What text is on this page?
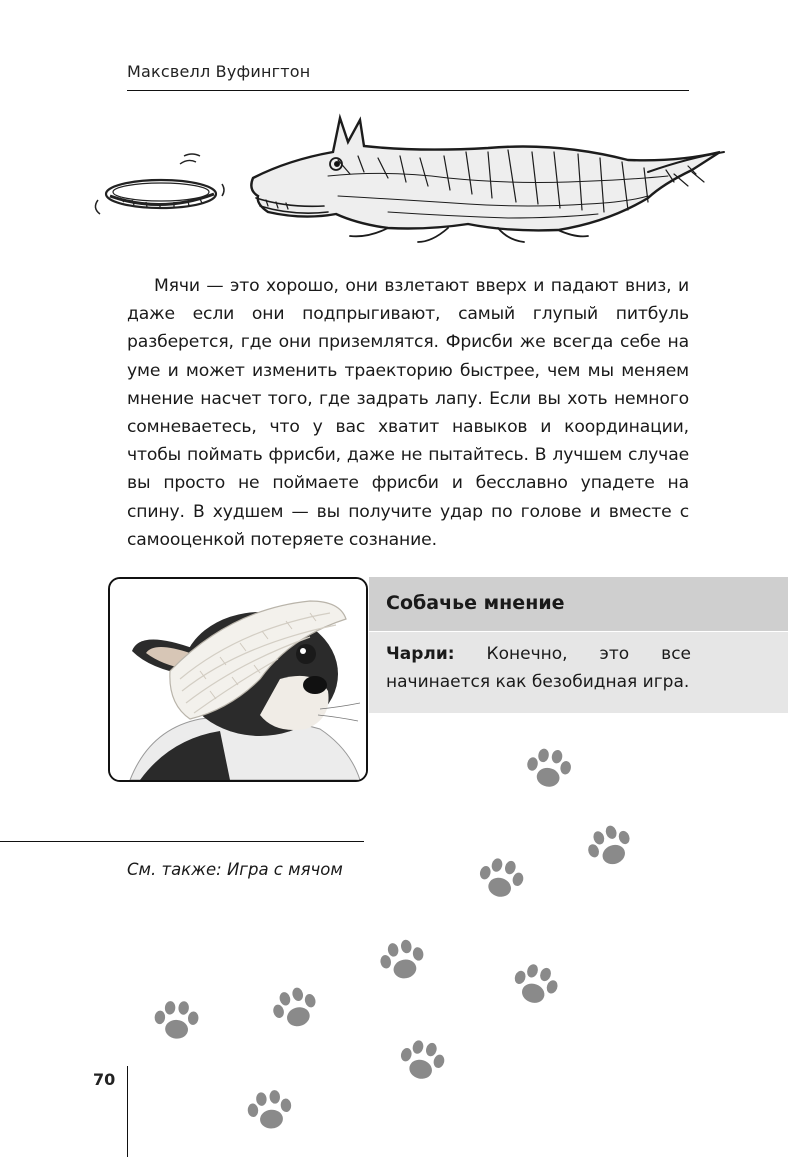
Максвелл Вуфингтон

Мячи — это хорошо, они взлетают вверх и падают вниз, и даже если они подпрыгивают, самый глупый питбуль разберется, где они приземлятся. Фрисби же всегда себе на уме и может изменить траекторию быстрее, чем мы меняем мнение насчет того, где задрать лапу. Если вы хоть немного сомневаетесь, что у вас хватит навыков и координации, чтобы поймать фрисби, даже не пытайтесь. В лучшем случае вы просто не поймаете фрисби и бесславно упадете на спину. В худшем — вы получите удар по голове и вместе с самооценкой потеряете сознание.

Собачье мнение

Чарли: Конечно, это все начинается как безобидная игра.

См. также: Игра с мячом

70
